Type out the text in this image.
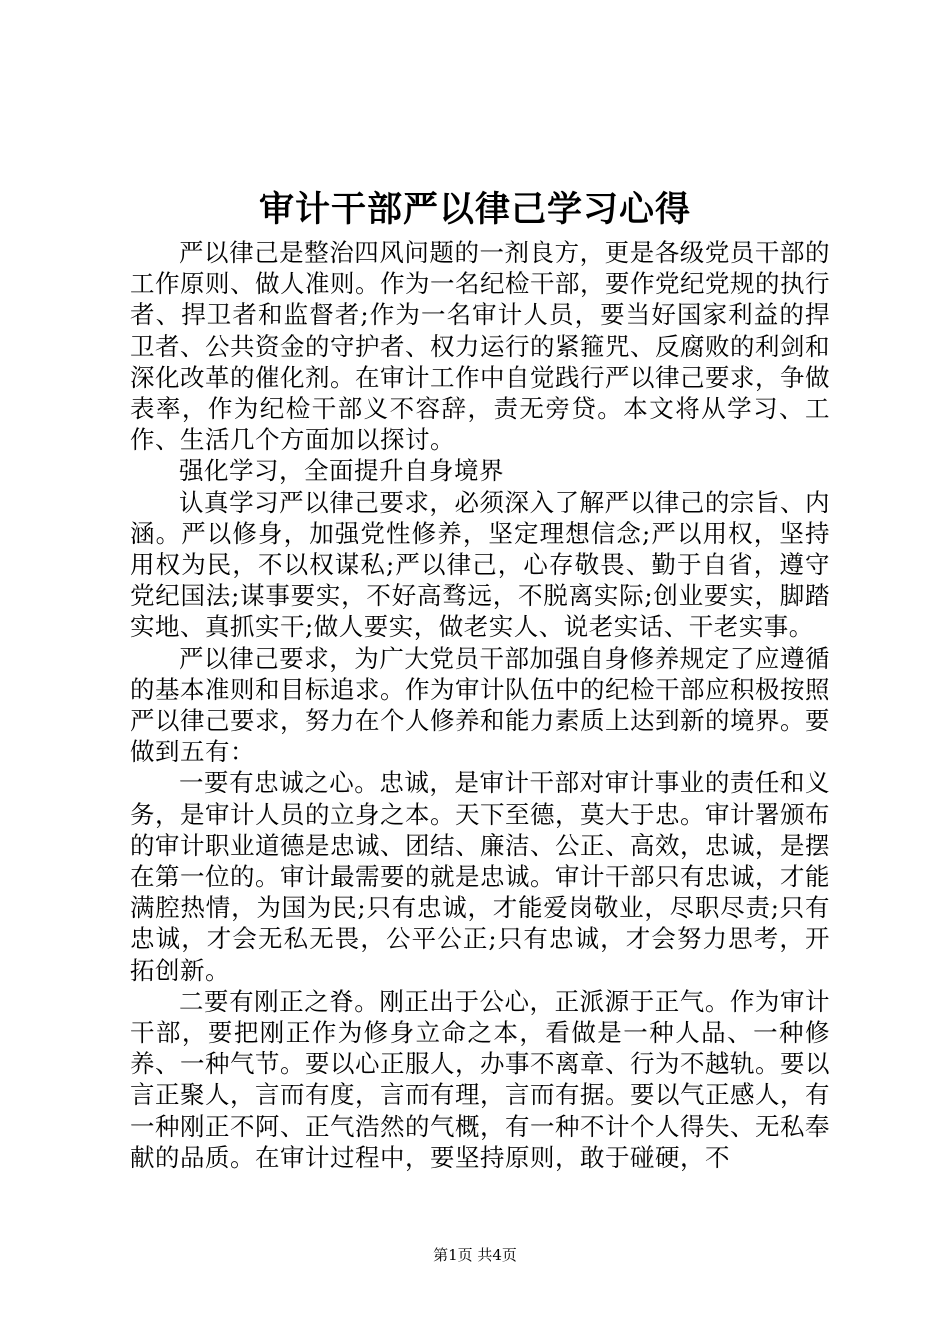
审计干部严以律己学习心得

严以律己是整治四风问题的一剂良方，更是各级党员干部的工作原则、做人准则。作为一名纪检干部，要作党纪党规的执行者、捍卫者和监督者;作为一名审计人员，要当好国家利益的捍卫者、公共资金的守护者、权力运行的紧箍咒、反腐败的利剑和深化改革的催化剂。在审计工作中自觉践行严以律己要求，争做表率，作为纪检干部义不容辞，责无旁贷。本文将从学习、工作、生活几个方面加以探讨。

强化学习，全面提升自身境界

认真学习严以律己要求，必须深入了解严以律己的宗旨、内涵。严以修身，加强党性修养，坚定理想信念;严以用权，坚持用权为民，不以权谋私;严以律己，心存敬畏、勤于自省，遵守党纪国法;谋事要实，不好高骛远，不脱离实际;创业要实，脚踏实地、真抓实干;做人要实，做老实人、说老实话、干老实事。

严以律己要求，为广大党员干部加强自身修养规定了应遵循的基本准则和目标追求。作为审计队伍中的纪检干部应积极按照严以律己要求，努力在个人修养和能力素质上达到新的境界。要做到五有：

一要有忠诚之心。忠诚，是审计干部对审计事业的责任和义务，是审计人员的立身之本。天下至德，莫大于忠。审计署颁布的审计职业道德是忠诚、团结、廉洁、公正、高效，忠诚，是摆在第一位的。审计最需要的就是忠诚。审计干部只有忠诚，才能满腔热情，为国为民;只有忠诚，才能爱岗敬业，尽职尽责;只有忠诚，才会无私无畏，公平公正;只有忠诚，才会努力思考，开拓创新。

二要有刚正之脊。刚正出于公心，正派源于正气。作为审计干部，要把刚正作为修身立命之本，看做是一种人品、一种修养、一种气节。要以心正服人，办事不离章、行为不越轨。要以言正聚人，言而有度，言而有理，言而有据。要以气正感人，有一种刚正不阿、正气浩然的气概，有一种不计个人得失、无私奉献的品质。在审计过程中，要坚持原则，敢于碰硬，不

第1页 共4页
